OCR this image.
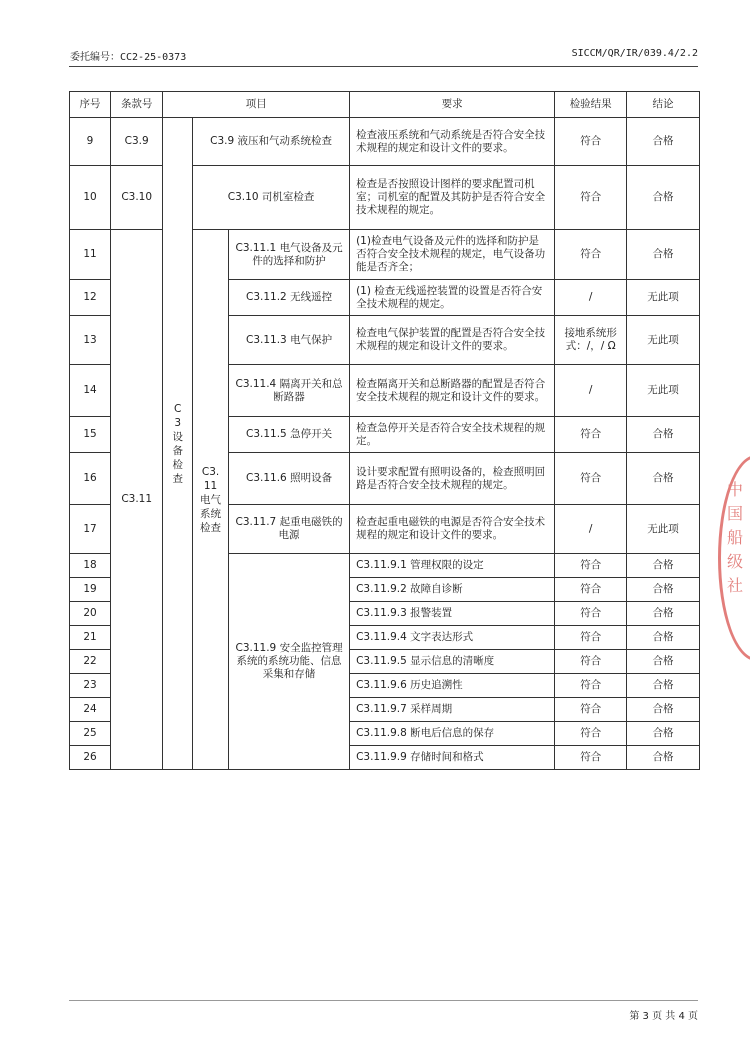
委托编号：CC2-25-0373	SICCM/QR/IR/039.4/2.2
序号	条款号	项目			要求	检验结果	结论
9	C3.9	C3设备检查	C3.9 液压和气动系统检查		检查液压系统和气动系统是否符合安全技术规程的规定和设计文件的要求。	符合	合格
10	C3.10		C3.10 司机室检查		检查是否按照设计图样的要求配置司机室；司机室的配置及其防护是否符合安全技术规程的规定。	符合	合格
11	C3.11		C3.11电气系统检查	C3.11.1 电气设备及元件的选择和防护	(1)检查电气设备及元件的选择和防护是否符合安全技术规程的规定，电气设备功能是否齐全；	符合	合格
12				C3.11.2 无线遥控	(1) 检查无线遥控装置的设置是否符合安全技术规程的规定。	/	无此项
13				C3.11.3 电气保护	检查电气保护装置的配置是否符合安全技术规程的规定和设计文件的要求。	接地系统形式：/，/ Ω	无此项
14				C3.11.4 隔离开关和总断路器	检查隔离开关和总断路器的配置是否符合安全技术规程的规定和设计文件的要求。	/	无此项
15				C3.11.5 急停开关	检查急停开关是否符合安全技术规程的规定。	符合	合格
16				C3.11.6 照明设备	设计要求配置有照明设备的，检查照明回路是否符合安全技术规程的规定。	符合	合格
17				C3.11.7 起重电磁铁的电源	检查起重电磁铁的电源是否符合安全技术规程的规定和设计文件的要求。	/	无此项
18				C3.11.9 安全监控管理系统的系统功能、信息采集和存储	C3.11.9.1 管理权限的设定	符合	合格
19					C3.11.9.2 故障自诊断	符合	合格
20					C3.11.9.3 报警装置	符合	合格
21					C3.11.9.4 文字表达形式	符合	合格
22					C3.11.9.5 显示信息的清晰度	符合	合格
23					C3.11.9.6 历史追溯性	符合	合格
24					C3.11.9.7 采样周期	符合	合格
25					C3.11.9.8 断电后信息的保存	符合	合格
26					C3.11.9.9 存储时间和格式	符合	合格
中国船级社
第 3 页 共 4 页
